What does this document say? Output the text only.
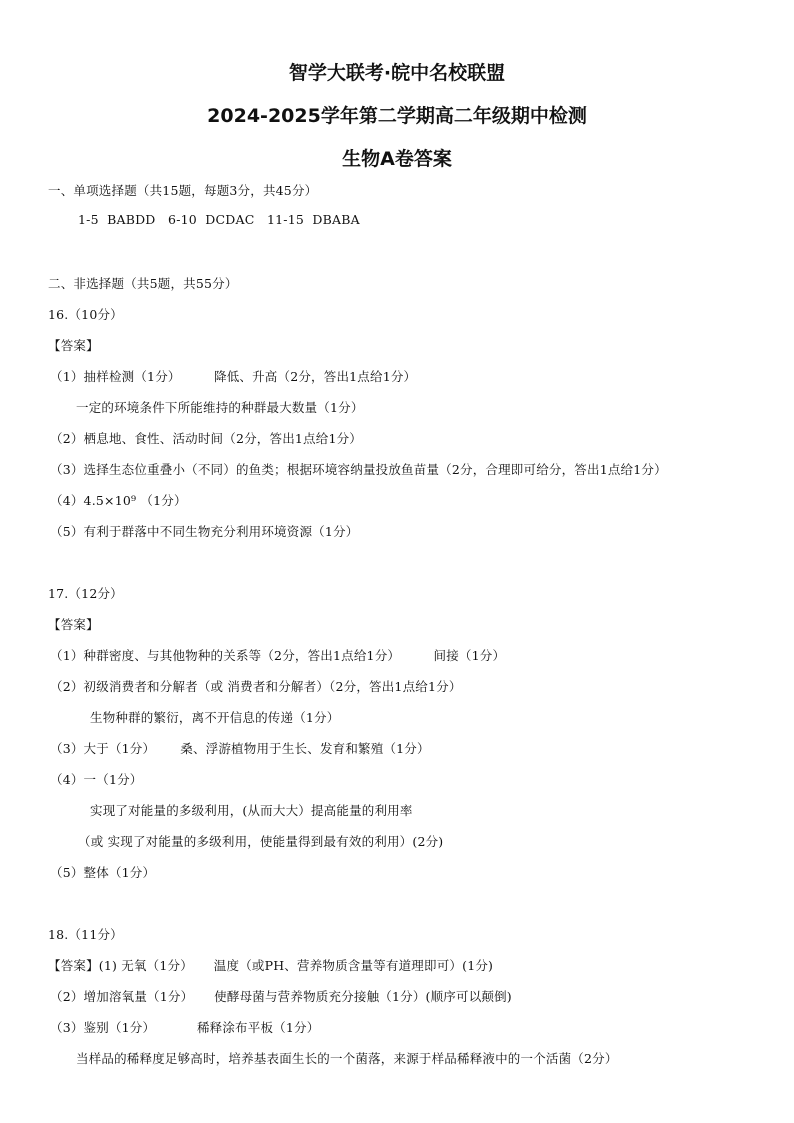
智学大联考·皖中名校联盟
2024-2025学年第二学期高二年级期中检测
生物A卷答案
一、单项选择题（共15题，每题3分，共45分）
1-5  BABDD   6-10  DCDAC   11-15  DBABA
二、非选择题（共5题，共55分）
16.（10分）
【答案】
（1）抽样检测（1分）        降低、升高（2分，答出1点给1分）
一定的环境条件下所能维持的种群最大数量（1分）
（2）栖息地、食性、活动时间（2分，答出1点给1分）
（3）选择生态位重叠小（不同）的鱼类；根据环境容纳量投放鱼苗量（2分，合理即可给分，答出1点给1分）
（4）4.5×10⁹ （1分）
（5）有利于群落中不同生物充分利用环境资源（1分）
17.（12分）
【答案】
（1）种群密度、与其他物种的关系等（2分，答出1点给1分）        间接（1分）
（2）初级消费者和分解者（或 消费者和分解者）（2分，答出1点给1分）
生物种群的繁衍，离不开信息的传递（1分）
（3）大于（1分）      桑、浮游植物用于生长、发育和繁殖（1分）
（4）一（1分）
实现了对能量的多级利用，(从而大大）提高能量的利用率
（或 实现了对能量的多级利用，使能量得到最有效的利用）(2分)
（5）整体（1分）
18.（11分）
【答案】(1) 无氧（1分）     温度（或PH、营养物质含量等有道理即可）(1分)
（2）增加溶氧量（1分）     使酵母菌与营养物质充分接触（1分）(顺序可以颠倒)
（3）鉴别（1分）          稀释涂布平板（1分）
当样品的稀释度足够高时，培养基表面生长的一个菌落，来源于样品稀释液中的一个活菌（2分）
